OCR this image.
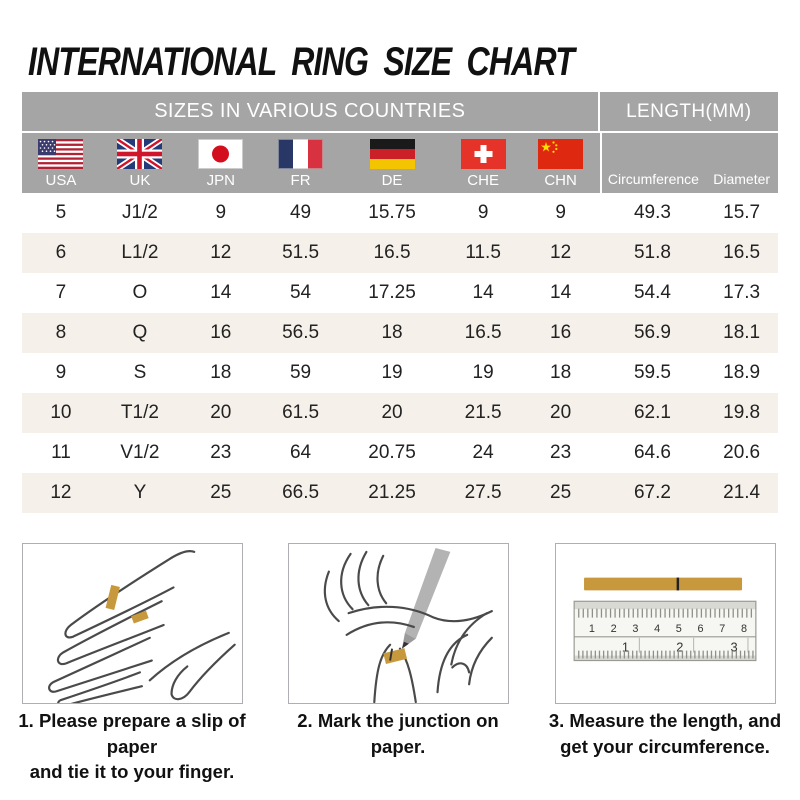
INTERNATIONAL RING SIZE CHART
SIZES IN VARIOUS COUNTRIES	LENGTH(MM)
USA	UK	JPN	FR	DE	CHE	CHN	Circumference	Diameter
5	J1/2	9	49	15.75	9	9	49.3	15.7
6	L1/2	12	51.5	16.5	11.5	12	51.8	16.5
7	O	14	54	17.25	14	14	54.4	17.3
8	Q	16	56.5	18	16.5	16	56.9	18.1
9	S	18	59	19	19	18	59.5	18.9
10	T1/2	20	61.5	20	21.5	20	62.1	19.8
11	V1/2	23	64	20.75	24	23	64.6	20.6
12	Y	25	66.5	21.25	27.5	25	67.2	21.4
1 2 3 4 5 6 7 8
1	2	3
1. Please prepare a slip of paper
and tie it to your finger.
2. Mark the junction on paper.
3. Measure the length, and
get your circumference.
